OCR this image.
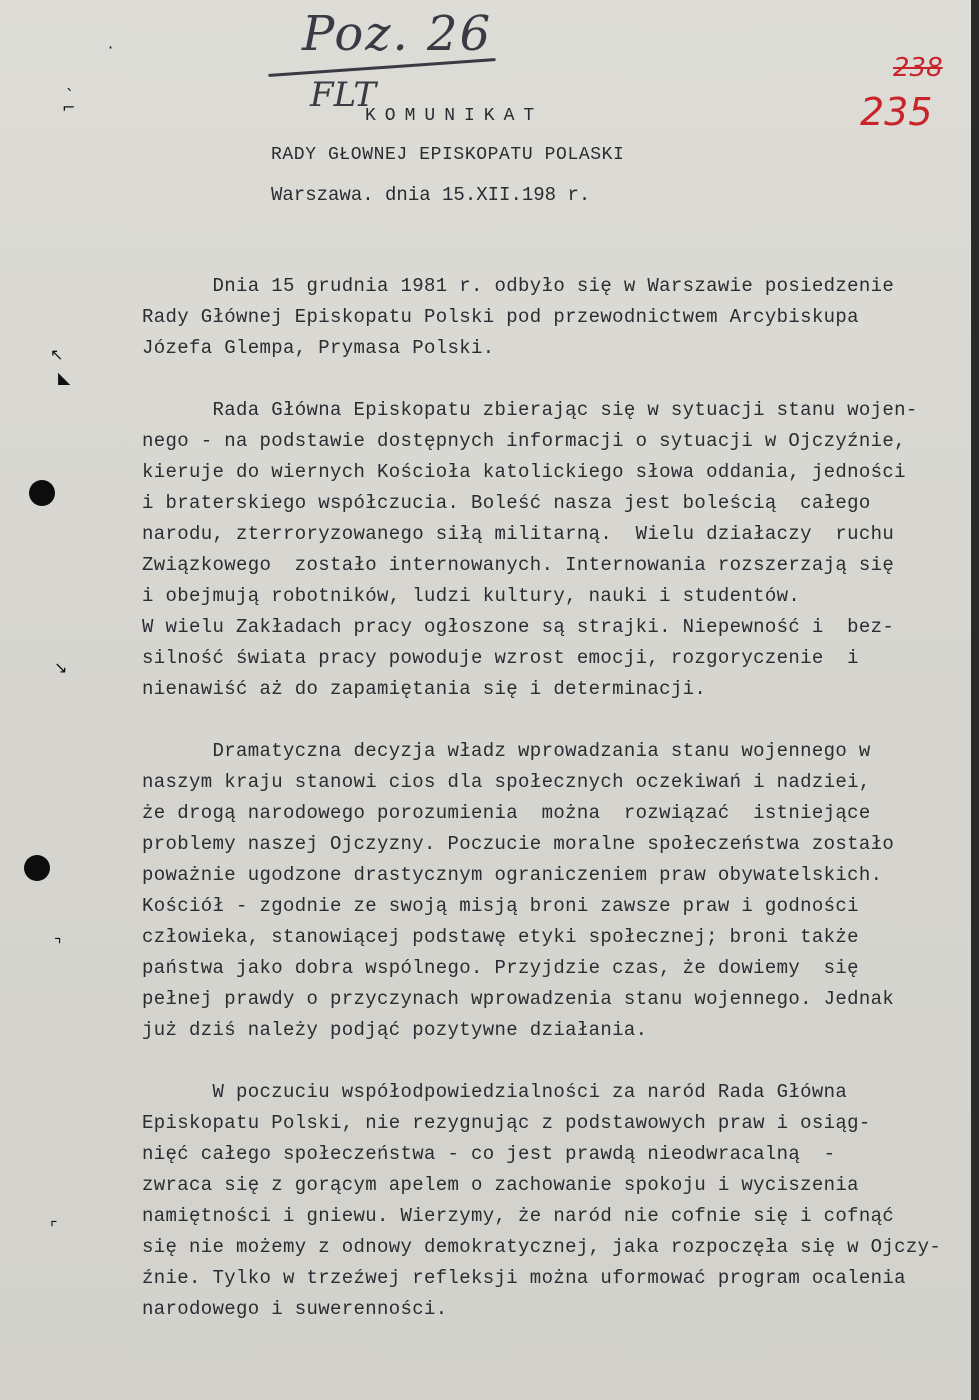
·
ˎ
⌐
↖
◣
↘
⌝
⌜
Poz. 26
FLT
238
235
KOMUNIKAT
RADY GŁOWNEJ EPISKOPATU POLASKI
Warszawa. dnia 15.XII.198 r.
Dnia 15 grudnia 1981 r. odbyło się w Warszawie posiedzenie
Rady Głównej Episkopatu Polski pod przewodnictwem Arcybiskupa
Józefa Glempa, Prymasa Polski.
Rada Główna Episkopatu zbierając się w sytuacji stanu wojen-
nego - na podstawie dostępnych informacji o sytuacji w Ojczyźnie,
kieruje do wiernych Kościoła katolickiego słowa oddania, jedności
i braterskiego współczucia. Boleść nasza jest boleścią  całego
narodu, zterroryzowanego siłą militarną.  Wielu działaczy  ruchu
Związkowego  zostało internowanych. Internowania rozszerzają się
i obejmują robotników, ludzi kultury, nauki i studentów.
W wielu Zakładach pracy ogłoszone są strajki. Niepewność i  bez-
silność świata pracy powoduje wzrost emocji, rozgoryczenie  i
nienawiść aż do zapamiętania się i determinacji.
Dramatyczna decyzja władz wprowadzania stanu wojennego w
naszym kraju stanowi cios dla społecznych oczekiwań i nadziei,
że drogą narodowego porozumienia  można  rozwiązać  istniejące
problemy naszej Ojczyzny. Poczucie moralne społeczeństwa zostało
poważnie ugodzone drastycznym ograniczeniem praw obywatelskich.
Kościół - zgodnie ze swoją misją broni zawsze praw i godności
człowieka, stanowiącej podstawę etyki społecznej; broni także
państwa jako dobra wspólnego. Przyjdzie czas, że dowiemy  się
pełnej prawdy o przyczynach wprowadzenia stanu wojennego. Jednak
już dziś należy podjąć pozytywne działania.
W poczuciu współodpowiedzialności za naród Rada Główna
Episkopatu Polski, nie rezygnując z podstawowych praw i osiąg-
nięć całego społeczeństwa - co jest prawdą nieodwracalną  -
zwraca się z gorącym apelem o zachowanie spokoju i wyciszenia
namiętności i gniewu. Wierzymy, że naród nie cofnie się i cofnąć
się nie możemy z odnowy demokratycznej, jaka rozpoczęła się w Ojczy-
źnie. Tylko w trzeźwej refleksji można uformować program ocalenia
narodowego i suwerenności.
